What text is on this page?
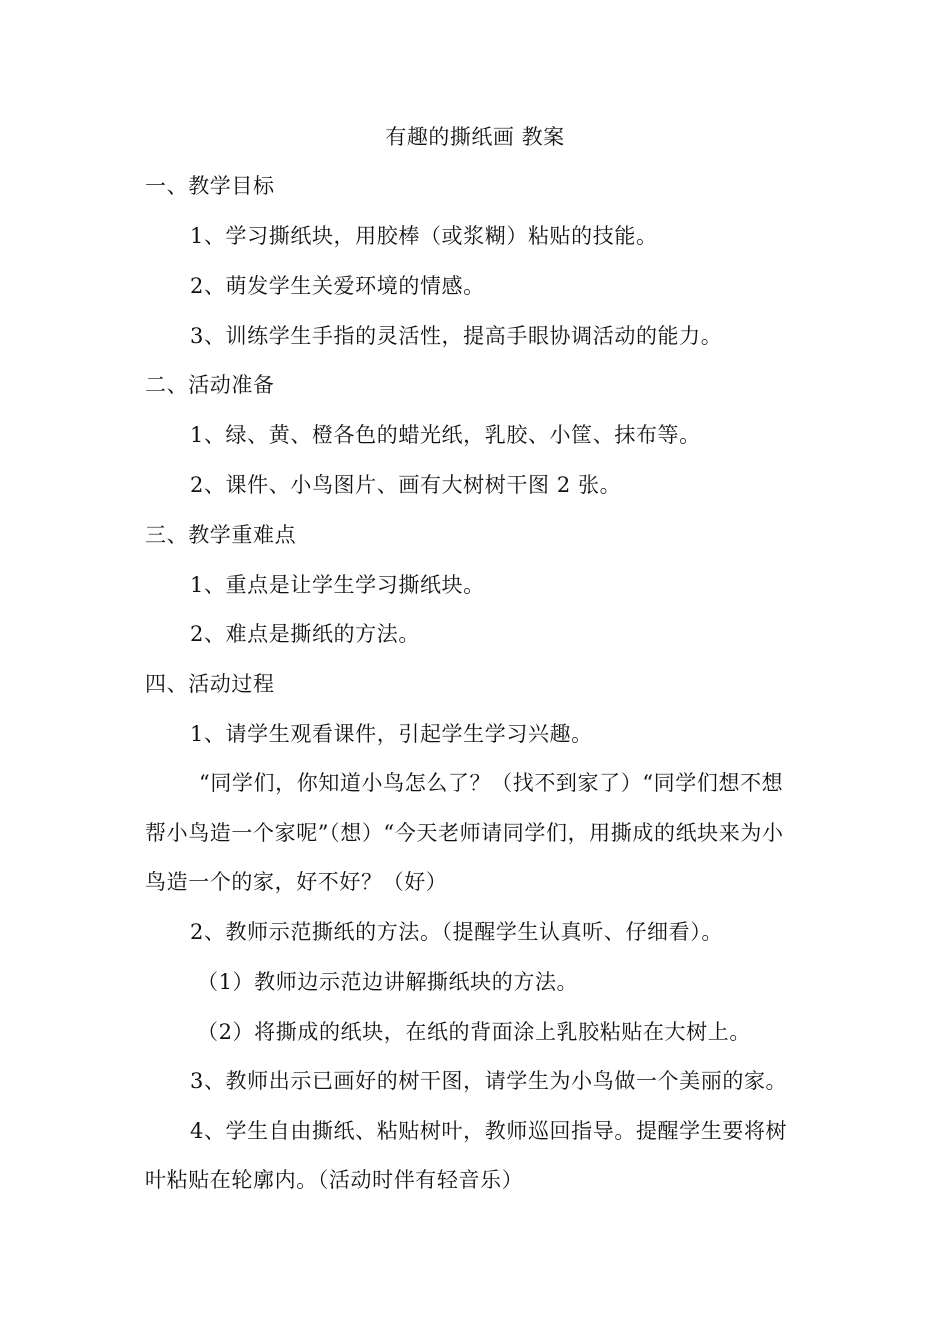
有趣的撕纸画 教案
一、教学目标
1、学习撕纸块，用胶棒（或浆糊）粘贴的技能。
2、萌发学生关爱环境的情感。
3、训练学生手指的灵活性，提高手眼协调活动的能力。
二、活动准备
1、绿、黄、橙各色的蜡光纸，乳胶、小筐、抹布等。
2、课件、小鸟图片、画有大树树干图 2 张。
三、教学重难点
1、重点是让学生学习撕纸块。
2、难点是撕纸的方法。
四、活动过程
1、请学生观看课件，引起学生学习兴趣。
“同学们，你知道小鸟怎么了？（找不到家了）“同学们想不想
帮小鸟造一个家呢”（想）“今天老师请同学们，用撕成的纸块来为小
鸟造一个的家，好不好？（好）
2、教师示范撕纸的方法。（提醒学生认真听、仔细看）。
（1）教师边示范边讲解撕纸块的方法。
（2）将撕成的纸块，在纸的背面涂上乳胶粘贴在大树上。
3、教师出示已画好的树干图，请学生为小鸟做一个美丽的家。
4、学生自由撕纸、粘贴树叶，教师巡回指导。提醒学生要将树
叶粘贴在轮廓内。（活动时伴有轻音乐）
